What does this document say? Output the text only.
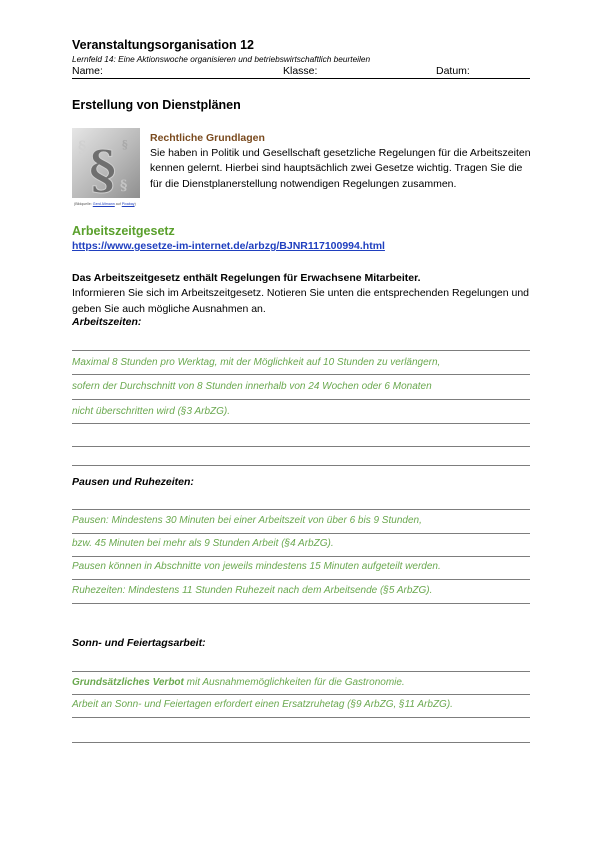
Veranstaltungsorganisation 12
Lernfeld 14: Eine Aktionswoche organisieren und betriebswirtschaftlich beurteilen
Name:	Klasse:	Datum:
Erstellung von Dienstplänen
§
§
§
§
(Bildquelle: Gerd Altmann auf Pixabay)
Rechtliche Grundlagen
Sie haben in Politik und Gesellschaft gesetzliche Regelungen für die Arbeitszeiten kennen gelernt. Hierbei sind hauptsächlich zwei Gesetze wichtig. Tragen Sie die für die Dienstplanerstellung notwendigen Regelungen zusammen.
Arbeitszeitgesetz
https://www.gesetze-im-internet.de/arbzg/BJNR117100994.html
Das Arbeitszeitgesetz enthält Regelungen für Erwachsene Mitarbeiter.
Informieren Sie sich im Arbeitszeitgesetz. Notieren Sie unten die entsprechenden Regelungen und geben Sie auch mögliche Ausnahmen an.
Arbeitszeiten:
Maximal 8 Stunden pro Werktag, mit der Möglichkeit auf 10 Stunden zu verlängern,
sofern der Durchschnitt von 8 Stunden innerhalb von 24 Wochen oder 6 Monaten
nicht überschritten wird (§3 ArbZG).
Pausen und Ruhezeiten:
Pausen: Mindestens 30 Minuten bei einer Arbeitszeit von über 6 bis 9 Stunden,
bzw. 45 Minuten bei mehr als 9 Stunden Arbeit (§4 ArbZG).
Pausen können in Abschnitte von jeweils mindestens 15 Minuten aufgeteilt werden.
Ruhezeiten: Mindestens 11 Stunden Ruhezeit nach dem Arbeitsende (§5 ArbZG).
Sonn- und Feiertagsarbeit:
Grundsätzliches Verbot mit Ausnahmemöglichkeiten für die Gastronomie.
Arbeit an Sonn- und Feiertagen erfordert einen Ersatzruhetag (§9 ArbZG, §11 ArbZG).
